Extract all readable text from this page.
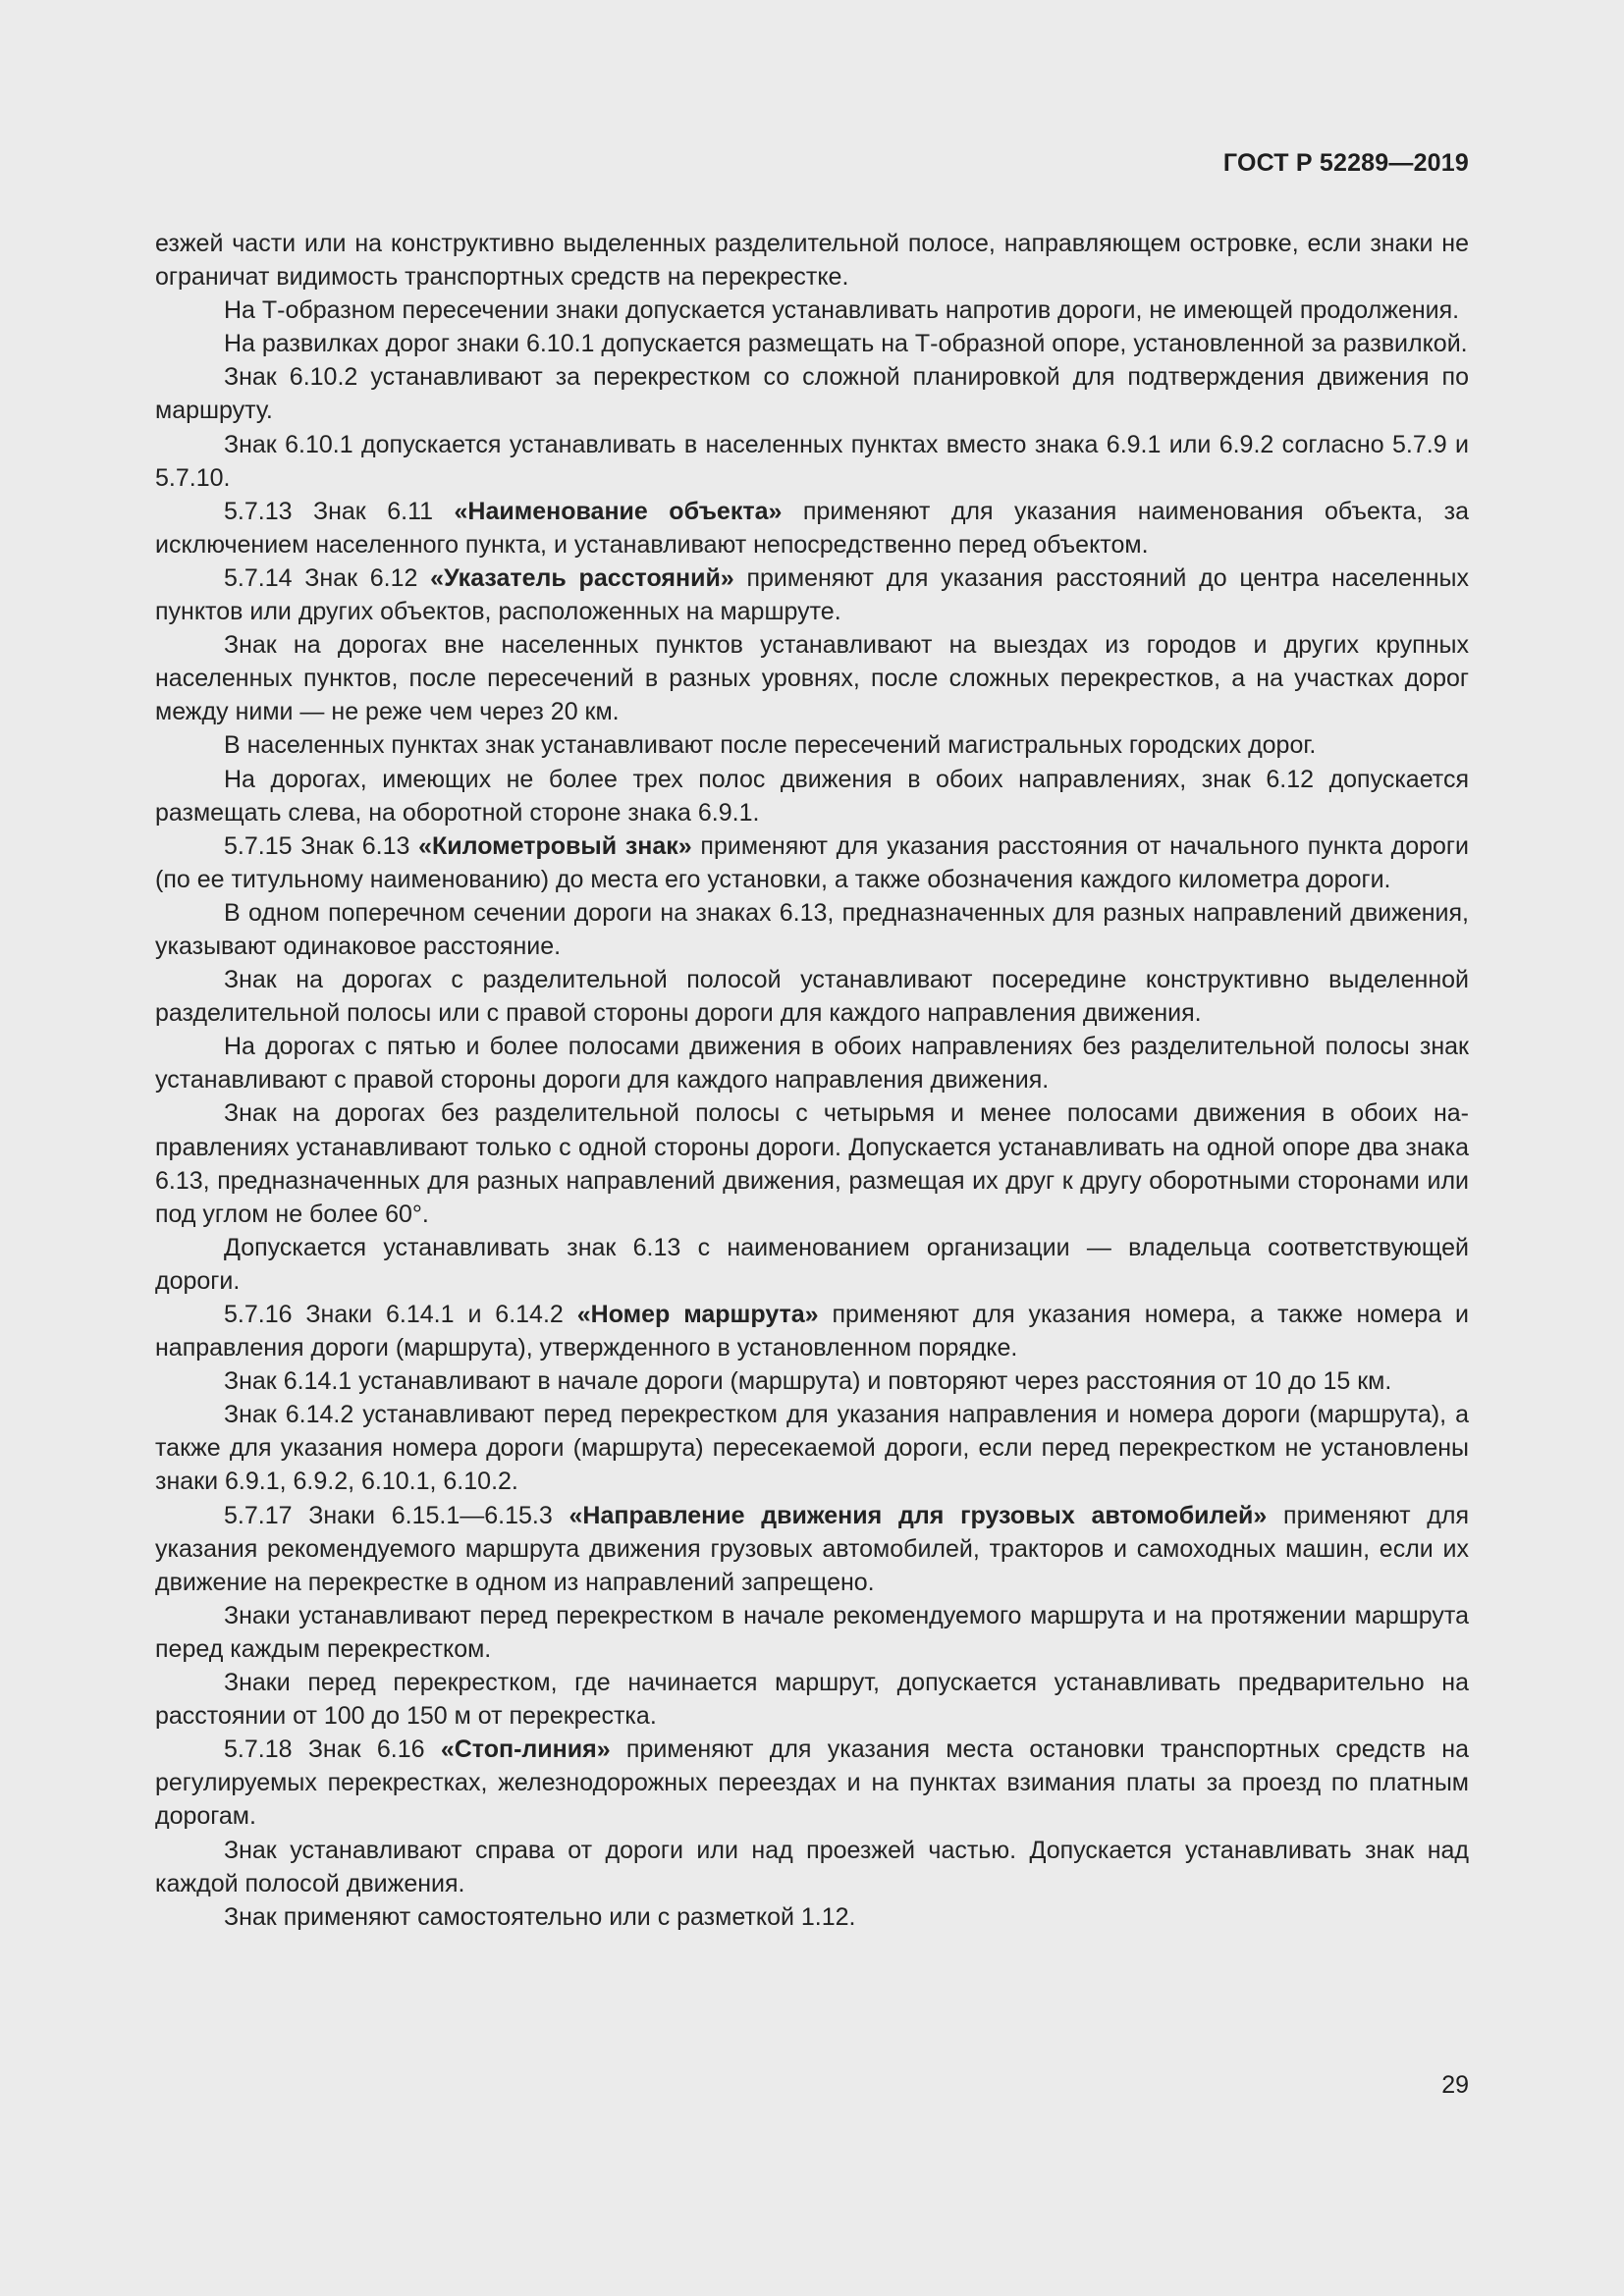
ГОСТ Р 52289—2019

езжей части или на конструктивно выделенных разделительной полосе, направляющем островке, если знаки не ограничат видимость транспортных средств на перекрестке.

На Т-образном пересечении знаки допускается устанавливать напротив дороги, не имеющей продолжения.

На развилках дорог знаки 6.10.1 допускается размещать на Т-образной опоре, установленной за развилкой.

Знак 6.10.2 устанавливают за перекрестком со сложной планировкой для подтверждения движения по маршруту.

Знак 6.10.1 допускается устанавливать в населенных пунктах вместо знака 6.9.1 или 6.9.2 согласно 5.7.9 и 5.7.10.

5.7.13 Знак 6.11 «Наименование объекта» применяют для указания наименования объекта, за исключением населенного пункта, и устанавливают непосредственно перед объектом.

5.7.14 Знак 6.12 «Указатель расстояний» применяют для указания расстояний до центра населенных пунктов или других объектов, расположенных на маршруте.

Знак на дорогах вне населенных пунктов устанавливают на выездах из городов и других крупных населенных пунктов, после пересечений в разных уровнях, после сложных перекрестков, а на участках дорог между ними — не реже чем через 20 км.

В населенных пунктах знак устанавливают после пересечений магистральных городских дорог.

На дорогах, имеющих не более трех полос движения в обоих направлениях, знак 6.12 допускается размещать слева, на оборотной стороне знака 6.9.1.

5.7.15 Знак 6.13 «Километровый знак» применяют для указания расстояния от начального пункта дороги (по ее титульному наименованию) до места его установки, а также обозначения каждого километра дороги.

В одном поперечном сечении дороги на знаках 6.13, предназначенных для разных направлений движения, указывают одинаковое расстояние.

Знак на дорогах с разделительной полосой устанавливают посередине конструктивно выделенной разделительной полосы или с правой стороны дороги для каждого направления движения.

На дорогах с пятью и более полосами движения в обоих направлениях без разделительной полосы знак устанавливают с правой стороны дороги для каждого направления движения.

Знак на дорогах без разделительной полосы с четырьмя и менее полосами движения в обоих направлениях устанавливают только с одной стороны дороги. Допускается устанавливать на одной опоре два знака 6.13, предназначенных для разных направлений движения, размещая их друг к другу оборотными сторонами или под углом не более 60°.

Допускается устанавливать знак 6.13 с наименованием организации — владельца соответствующей дороги.

5.7.16 Знаки 6.14.1 и 6.14.2 «Номер маршрута» применяют для указания номера, а также номера и направления дороги (маршрута), утвержденного в установленном порядке.

Знак 6.14.1 устанавливают в начале дороги (маршрута) и повторяют через расстояния от 10 до 15 км.

Знак 6.14.2 устанавливают перед перекрестком для указания направления и номера дороги (маршрута), а также для указания номера дороги (маршрута) пересекаемой дороги, если перед перекрестком не установлены знаки 6.9.1, 6.9.2, 6.10.1, 6.10.2.

5.7.17 Знаки 6.15.1—6.15.3 «Направление движения для грузовых автомобилей» применяют для указания рекомендуемого маршрута движения грузовых автомобилей, тракторов и самоходных машин, если их движение на перекрестке в одном из направлений запрещено.

Знаки устанавливают перед перекрестком в начале рекомендуемого маршрута и на протяжении маршрута перед каждым перекрестком.

Знаки перед перекрестком, где начинается маршрут, допускается устанавливать предварительно на расстоянии от 100 до 150 м от перекрестка.

5.7.18 Знак 6.16 «Стоп-линия» применяют для указания места остановки транспортных средств на регулируемых перекрестках, железнодорожных переездах и на пунктах взимания платы за проезд по платным дорогам.

Знак устанавливают справа от дороги или над проезжей частью. Допускается устанавливать знак над каждой полосой движения.

Знак применяют самостоятельно или с разметкой 1.12.

29
